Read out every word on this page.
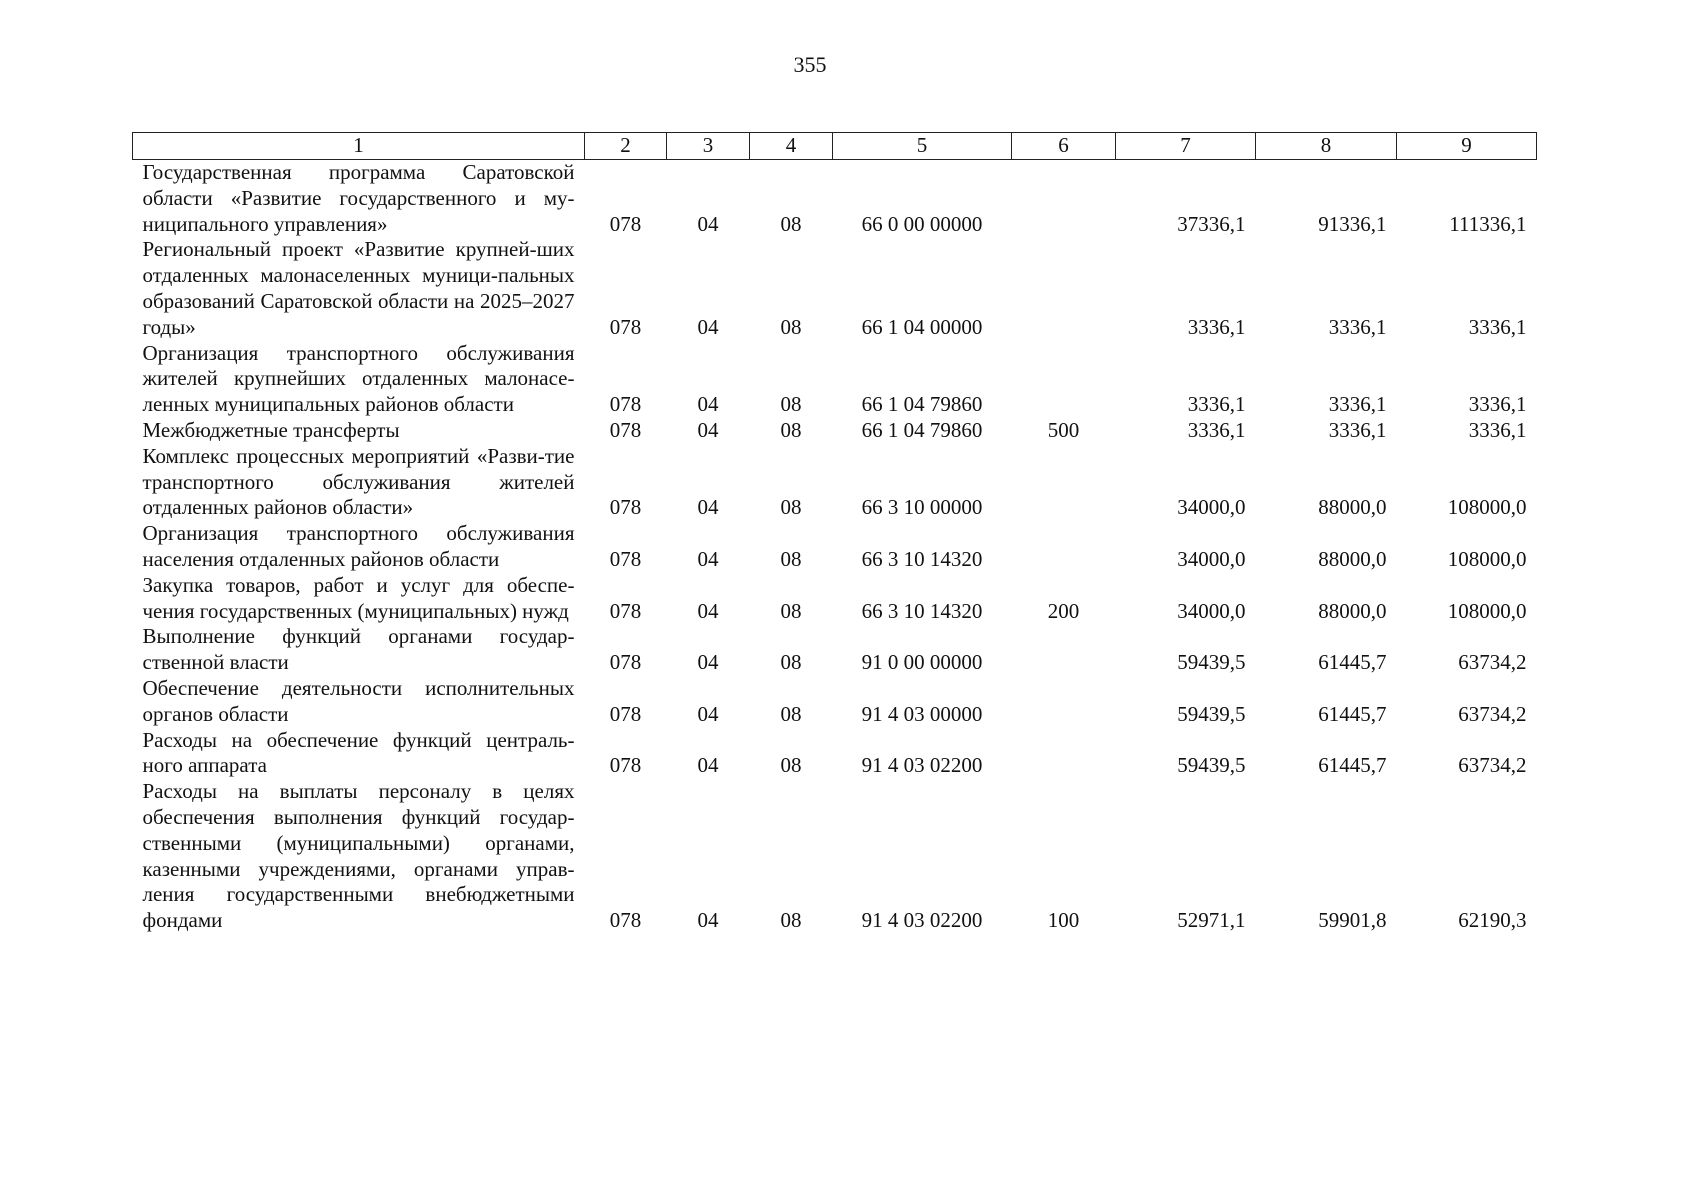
355
1	2	3	4	5	6	7	8	9
Государственная программа Саратовской области «Развитие государственного и му-ниципального управления»	078	04	08	66 0 00 00000		37336,1	91336,1	111336,1
Региональный проект «Развитие крупней-ших отдаленных малонаселенных муници-пальных образований Саратовской области на 2025–2027 годы»	078	04	08	66 1 04 00000		3336,1	3336,1	3336,1
Организация транспортного обслуживания жителей крупнейших отдаленных малонасе-ленных муниципальных районов области	078	04	08	66 1 04 79860		3336,1	3336,1	3336,1
Межбюджетные трансферты	078	04	08	66 1 04 79860	500	3336,1	3336,1	3336,1
Комплекс процессных мероприятий «Разви-тие транспортного обслуживания жителей отдаленных районов области»	078	04	08	66 3 10 00000		34000,0	88000,0	108000,0
Организация транспортного обслуживания населения отдаленных районов области	078	04	08	66 3 10 14320		34000,0	88000,0	108000,0
Закупка товаров, работ и услуг для обеспе-чения государственных (муниципальных) нужд	078	04	08	66 3 10 14320	200	34000,0	88000,0	108000,0
Выполнение функций органами государ-ственной власти	078	04	08	91 0 00 00000		59439,5	61445,7	63734,2
Обеспечение деятельности исполнительных органов области	078	04	08	91 4 03 00000		59439,5	61445,7	63734,2
Расходы на обеспечение функций централь-ного аппарата	078	04	08	91 4 03 02200		59439,5	61445,7	63734,2
Расходы на выплаты персоналу в целях обеспечения выполнения функций государ-ственными (муниципальными) органами, казенными учреждениями, органами управ-ления государственными внебюджетными фондами	078	04	08	91 4 03 02200	100	52971,1	59901,8	62190,3
